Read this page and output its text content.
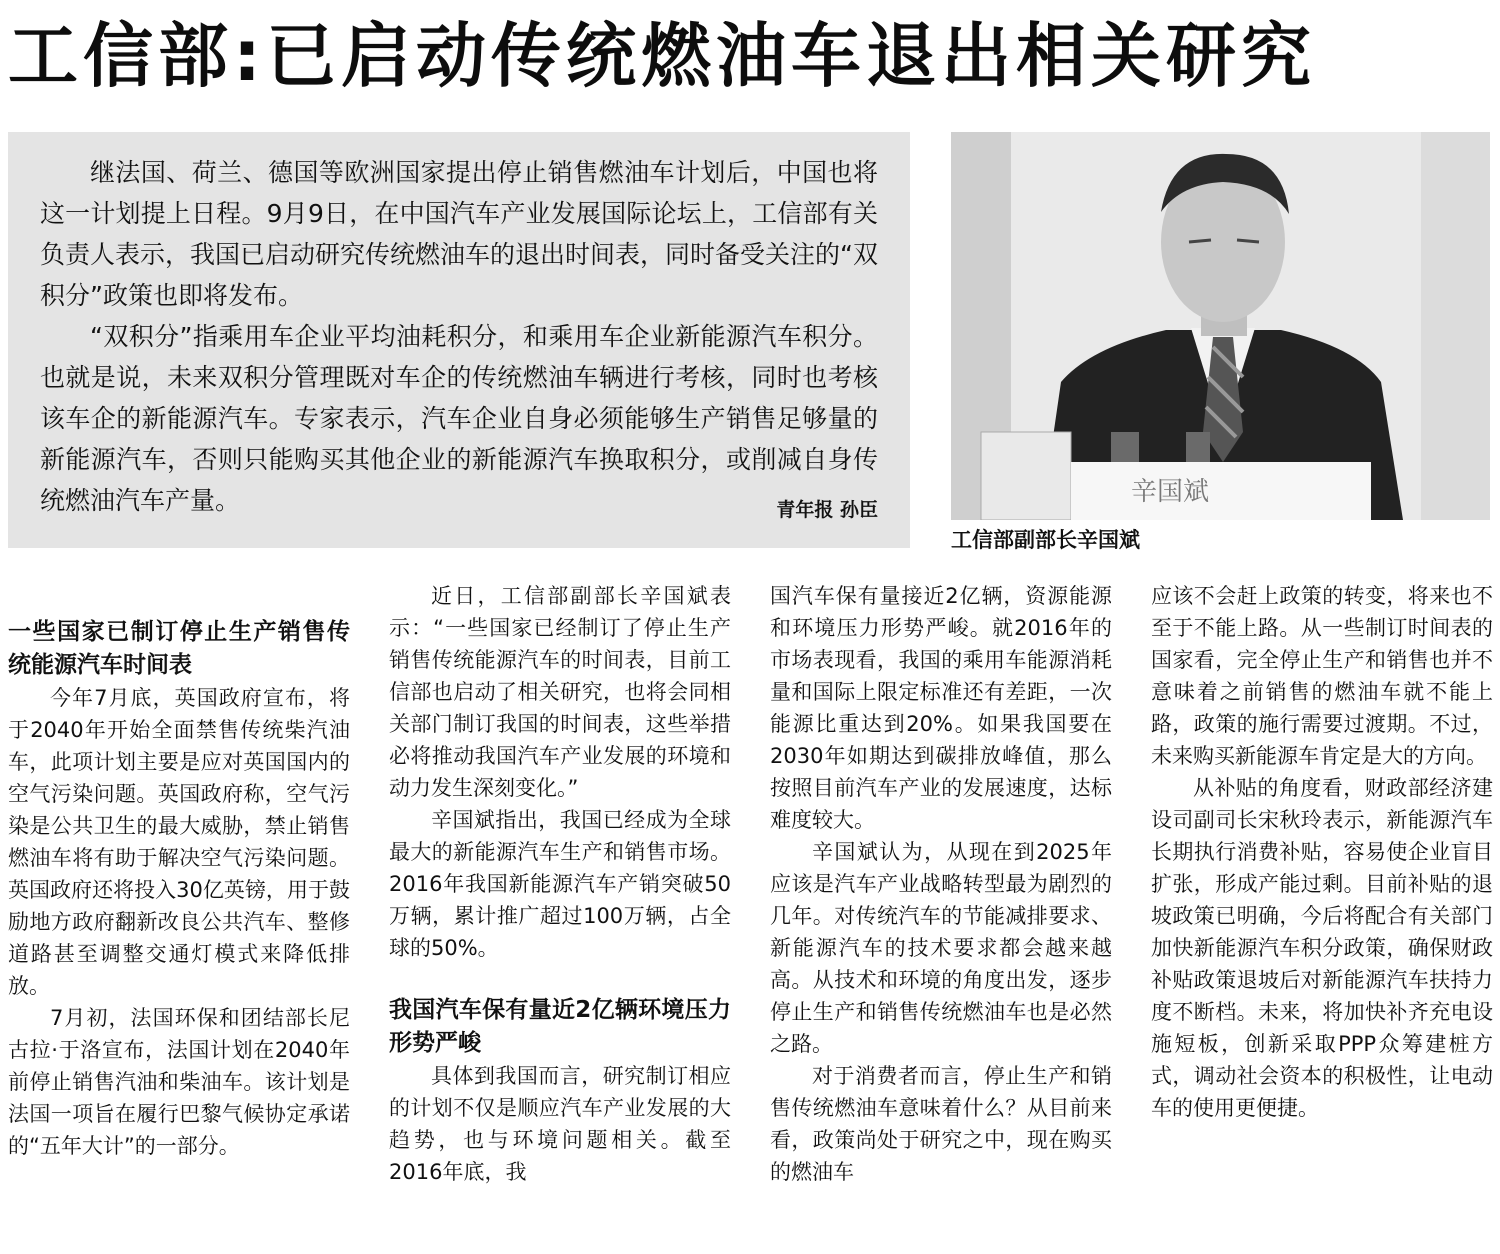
工信部:已启动传统燃油车退出相关研究

继法国、荷兰、德国等欧洲国家提出停止销售燃油车计划后，中国也将这一计划提上日程。9月9日，在中国汽车产业发展国际论坛上，工信部有关负责人表示，我国已启动研究传统燃油车的退出时间表，同时备受关注的“双积分”政策也即将发布。

“双积分”指乘用车企业平均油耗积分，和乘用车企业新能源汽车积分。也就是说，未来双积分管理既对车企的传统燃油车辆进行考核，同时也考核该车企的新能源汽车。专家表示，汽车企业自身必须能够生产销售足够量的新能源汽车，否则只能购买其他企业的新能源汽车换取积分，或削减自身传统燃油汽车产量。	青年报 孙臣

辛国斌
工信部副部长辛国斌
一些国家已制订停止生产销售传统能源汽车时间表

今年7月底，英国政府宣布，将于2040年开始全面禁售传统柴汽油车，此项计划主要是应对英国国内的空气污染问题。英国政府称，空气污染是公共卫生的最大威胁，禁止销售燃油车将有助于解决空气污染问题。英国政府还将投入30亿英镑，用于鼓励地方政府翻新改良公共汽车、整修道路甚至调整交通灯模式来降低排放。

7月初，法国环保和团结部长尼古拉·于洛宣布，法国计划在2040年前停止销售汽油和柴油车。该计划是法国一项旨在履行巴黎气候协定承诺的“五年大计”的一部分。

近日，工信部副部长辛国斌表示：“一些国家已经制订了停止生产销售传统能源汽车的时间表，目前工信部也启动了相关研究，也将会同相关部门制订我国的时间表，这些举措必将推动我国汽车产业发展的环境和动力发生深刻变化。”

辛国斌指出，我国已经成为全球最大的新能源汽车生产和销售市场。2016年我国新能源汽车产销突破50万辆，累计推广超过100万辆，占全球的50%。

我国汽车保有量近2亿辆环境压力形势严峻

具体到我国而言，研究制订相应的计划不仅是顺应汽车产业发展的大趋势，也与环境问题相关。截至2016年底，我

国汽车保有量接近2亿辆，资源能源和环境压力形势严峻。就2016年的市场表现看，我国的乘用车能源消耗量和国际上限定标准还有差距，一次能源比重达到20%。如果我国要在2030年如期达到碳排放峰值，那么按照目前汽车产业的发展速度，达标难度较大。

辛国斌认为，从现在到2025年应该是汽车产业战略转型最为剧烈的几年。对传统汽车的节能减排要求、新能源汽车的技术要求都会越来越高。从技术和环境的角度出发，逐步停止生产和销售传统燃油车也是必然之路。

对于消费者而言，停止生产和销售传统燃油车意味着什么？从目前来看，政策尚处于研究之中，现在购买的燃油车

应该不会赶上政策的转变，将来也不至于不能上路。从一些制订时间表的国家看，完全停止生产和销售也并不意味着之前销售的燃油车就不能上路，政策的施行需要过渡期。不过，未来购买新能源车肯定是大的方向。

从补贴的角度看，财政部经济建设司副司长宋秋玲表示，新能源汽车长期执行消费补贴，容易使企业盲目扩张，形成产能过剩。目前补贴的退坡政策已明确，今后将配合有关部门加快新能源汽车积分政策，确保财政补贴政策退坡后对新能源汽车扶持力度不断档。未来，将加快补齐充电设施短板，创新采取PPP众筹建桩方式，调动社会资本的积极性，让电动车的使用更便捷。
